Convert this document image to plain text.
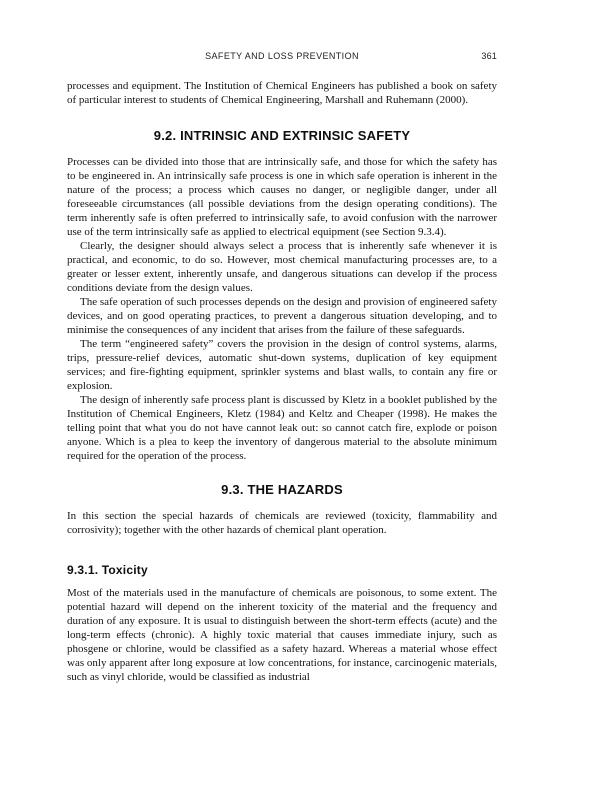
SAFETY AND LOSS PREVENTION	361

processes and equipment. The Institution of Chemical Engineers has published a book on safety of particular interest to students of Chemical Engineering, Marshall and Ruhemann (2000).

9.2. INTRINSIC AND EXTRINSIC SAFETY

Processes can be divided into those that are intrinsically safe, and those for which the safety has to be engineered in. An intrinsically safe process is one in which safe operation is inherent in the nature of the process; a process which causes no danger, or negligible danger, under all foreseeable circumstances (all possible deviations from the design operating conditions). The term inherently safe is often preferred to intrinsically safe, to avoid confusion with the narrower use of the term intrinsically safe as applied to electrical equipment (see Section 9.3.4).

Clearly, the designer should always select a process that is inherently safe whenever it is practical, and economic, to do so. However, most chemical manufacturing processes are, to a greater or lesser extent, inherently unsafe, and dangerous situations can develop if the process conditions deviate from the design values.

The safe operation of such processes depends on the design and provision of engineered safety devices, and on good operating practices, to prevent a dangerous situation developing, and to minimise the consequences of any incident that arises from the failure of these safeguards.

The term “engineered safety” covers the provision in the design of control systems, alarms, trips, pressure-relief devices, automatic shut-down systems, duplication of key equipment services; and fire-fighting equipment, sprinkler systems and blast walls, to contain any fire or explosion.

The design of inherently safe process plant is discussed by Kletz in a booklet published by the Institution of Chemical Engineers, Kletz (1984) and Keltz and Cheaper (1998). He makes the telling point that what you do not have cannot leak out: so cannot catch fire, explode or poison anyone. Which is a plea to keep the inventory of dangerous material to the absolute minimum required for the operation of the process.

9.3. THE HAZARDS

In this section the special hazards of chemicals are reviewed (toxicity, flammability and corrosivity); together with the other hazards of chemical plant operation.

9.3.1. Toxicity

Most of the materials used in the manufacture of chemicals are poisonous, to some extent. The potential hazard will depend on the inherent toxicity of the material and the frequency and duration of any exposure. It is usual to distinguish between the short-term effects (acute) and the long-term effects (chronic). A highly toxic material that causes immediate injury, such as phosgene or chlorine, would be classified as a safety hazard. Whereas a material whose effect was only apparent after long exposure at low concentrations, for instance, carcinogenic materials, such as vinyl chloride, would be classified as industrial
